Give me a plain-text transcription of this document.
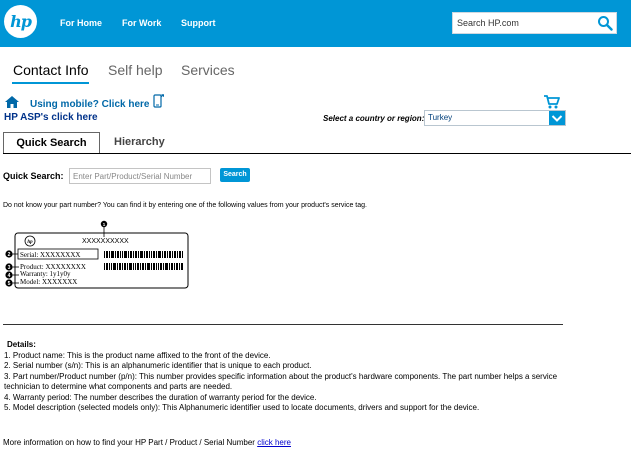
hp	For Home For Work Support
Search HP.com
Contact Info Self help Services
Using mobile? Click here
HP ASP's click here	Select a country or region: Turkey
Quick Search	Hierarchy
Quick Search:
Enter Part/Product/Serial Number	Search
Do not know your part number? You can find it by entering one of the following values from your product's service tag.
hp	XXXXXXXXXX
1
Serial: XXXXXXXX
Product: XXXXXXXX
Warranty: 1y1y0y
Model: XXXXXXX
2
3
4
5
Details:
1. Product name: This is the product name affixed to the front of the device.
2. Serial number (s/n): This is an alphanumeric identifier that is unique to each product.
3. Part number/Product number (p/n): This number provides specific information about the product's hardware components. The part number helps a service technician to determine what components and parts are needed.
4. Warranty period: The number describes the duration of warranty period for the device.
5. Model description (selected models only): This Alphanumeric identifier used to locate documents, drivers and support for the device.
More information on how to find your HP Part / Product / Serial Number click here
